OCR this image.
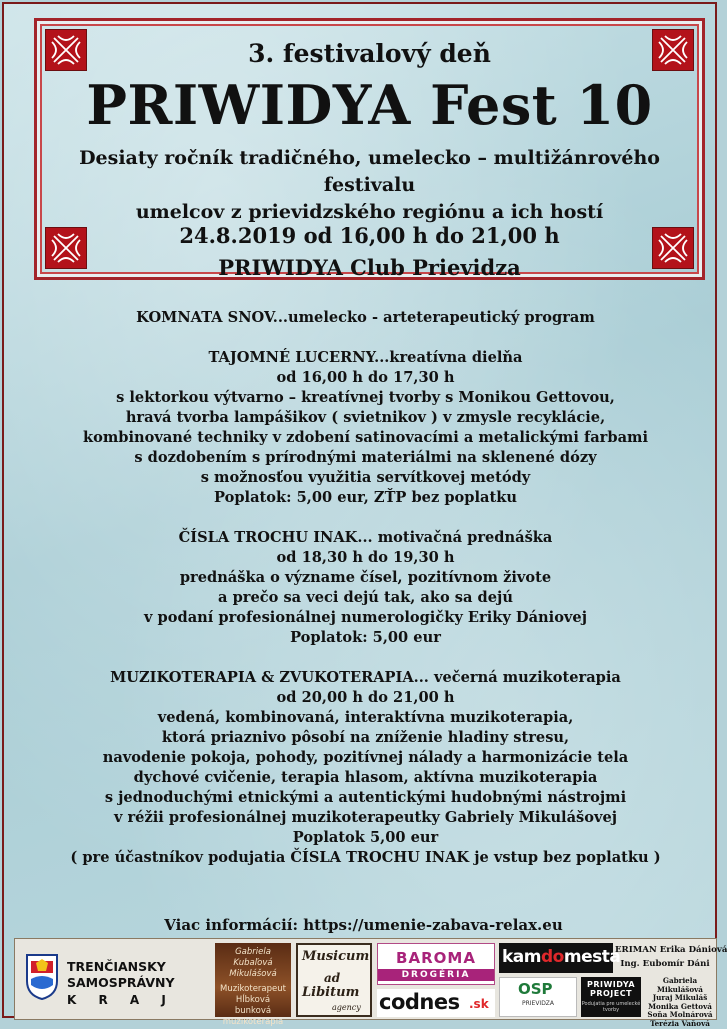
3. festivalový deň
PRIWIDYA Fest 10
Desiaty ročník tradičného, umelecko – multižánrového festivalu
umelcov z prievidzského regiónu a ich hostí
24.8.2019 od 16,00 h do 21,00 h
PRIWIDYA Club Prievidza

KOMNATA SNOV...umelecko - arteterapeutický program

TAJOMNÉ LUCERNY...kreatívna dielňa

od 16,00 h do 17,30 h

s lektorkou výtvarno – kreatívnej tvorby s Monikou Gettovou,

hravá tvorba lampášikov ( svietnikov ) v zmysle recyklácie,

kombinované techniky v zdobení satinovacími a metalickými farbami

s dozdobením s prírodnými materiálmi na sklenené dózy

s možnosťou využitia servítkovej metódy

Poplatok: 5,00 eur, ZŤP bez poplatku

ČÍSLA TROCHU INAK... motivačná prednáška

od 18,30 h do 19,30 h

prednáška o význame čísel, pozitívnom živote

a prečo sa veci dejú tak, ako sa dejú

v podaní profesionálnej numerologičky Eriky Dániovej

Poplatok: 5,00 eur

MUZIKOTERAPIA & ZVUKOTERAPIA... večerná muzikoterapia

od 20,00 h do 21,00 h

vedená, kombinovaná, interaktívna muzikoterapia,

ktorá priaznivo pôsobí na zníženie hladiny stresu,

navodenie pokoja, pohody, pozitívnej nálady a harmonizácie tela

dychové cvičenie, terapia hlasom, aktívna muzikoterapia

s jednoduchými etnickými a autentickými hudobnými nástrojmi

v réžii profesionálnej muzikoterapeutky Gabriely Mikulášovej

Poplatok 5,00 eur

( pre účastníkov podujatia ČÍSLA TROCHU INAK je vstup bez poplatku )

Viac informácií: https://umenie-zabava-relax.eu
TRENČIANSKY
SAMOSPRÁVNY
K R A J
Gabriela
Kubaľová
Mikulášová
Muzikoterapeut
Hĺbková
bunková
muzikoterapia
Musicum
ad
Libitum
agency
BAROMA
DROGÉRIA
codnes .sk
kamdomesta
OSP
PRIEVIDZA
ERIMAN Erika Dániová
Ing. Eubomír Dáni
PRIWIDYA
PROJECT
Podujatia pre umelecké tvorby
Gabriela Mikulášová
Juraj Mikuláš
Monika Gettová
Soňa Molnárová
Terézia Vaňová
